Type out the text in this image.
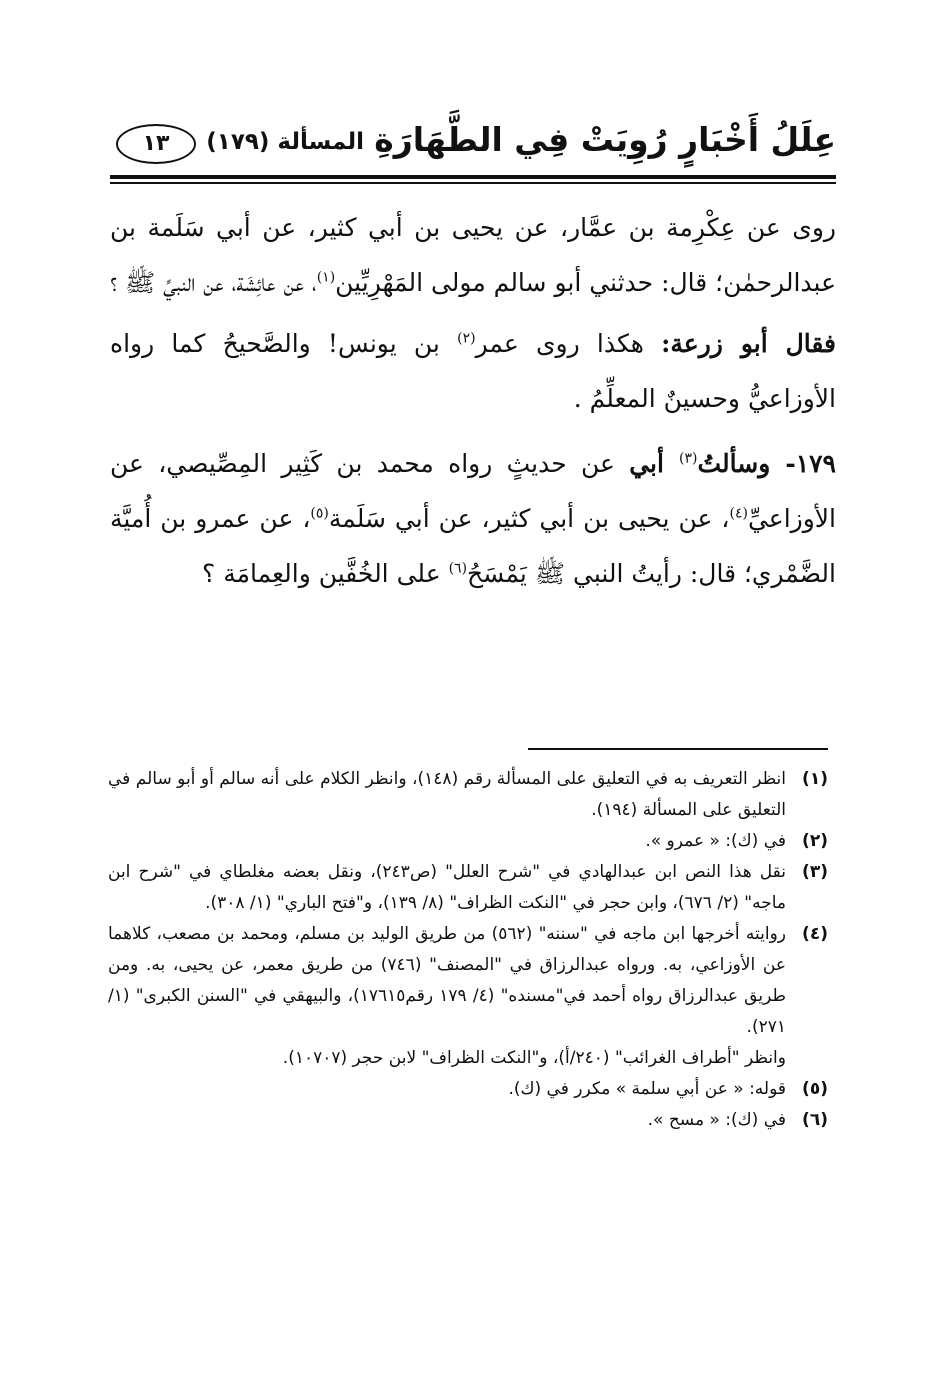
عِلَلُ أَخْبَارٍ رُوِيَتْ فِي الطَّهَارَةِ
المسألة (١٧٩)
١٣

روى عن عِكْرِمة بن عمَّار، عن يحيى بن أبي كثير، عن أبي سَلَمة بن عبدالرحمٰن؛ قال: حدثني أبو سالم مولى المَهْرِيِّين$^{(١)}$، عن عائِشَة، عن النبيِّ ﷺ ؟

فقال أبو زرعة: هكذا روى عمر$^{(٢)}$ بن يونس! والصَّحيحُ كما رواه الأوزاعيُّ وحسينٌ المعلِّمُ .

١٧٩- وسألتُ$^{(٣)}$ أبي عن حديثٍ رواه محمد بن كَثِير المِصِّيصي، عن الأوزاعيِّ$^{(٤)}$، عن يحيى بن أبي كثير، عن أبي سَلَمة$^{(٥)}$، عن عمرو بن أُميَّة الضَّمْري؛ قال: رأيتُ النبي ﷺ يَمْسَحُ$^{(٦)}$ على الخُفَّين والعِمامَة ؟

(١)
انظر التعريف به في التعليق على المسألة رقم (١٤٨)، وانظر الكلام على أنه سالم أو أبو سالم في التعليق على المسألة (١٩٤).
(٢)
في (ك): « عمرو ».
(٣)
نقل هذا النص ابن عبدالهادي في "شرح العلل" (ص٢٤٣)، ونقل بعضه مغلطاي في "شرح ابن ماجه" (٢/ ٦٧٦)، وابن حجر في "النكت الظراف" (٨/ ١٣٩)، و"فتح الباري" (١/ ٣٠٨).
(٤)
روايته أخرجها ابن ماجه في "سننه" (٥٦٢) من طريق الوليد بن مسلم، ومحمد بن مصعب، كلاهما عن الأوزاعي، به. ورواه عبدالرزاق في "المصنف" (٧٤٦) من طريق معمر، عن يحيى، به. ومن طريق عبدالرزاق رواه أحمد في"مسنده" (٤/ ١٧٩ رقم١٧٦١٥)، والبيهقي في "السنن الكبرى" (١/ ٢٧١).
وانظر "أطراف الغرائب" (٢٤٠/أ)، و"النكت الظراف" لابن حجر (١٠٧٠٧).
(٥)
قوله: « عن أبي سلمة » مكرر في (ك).
(٦)
في (ك): « مسح ».
